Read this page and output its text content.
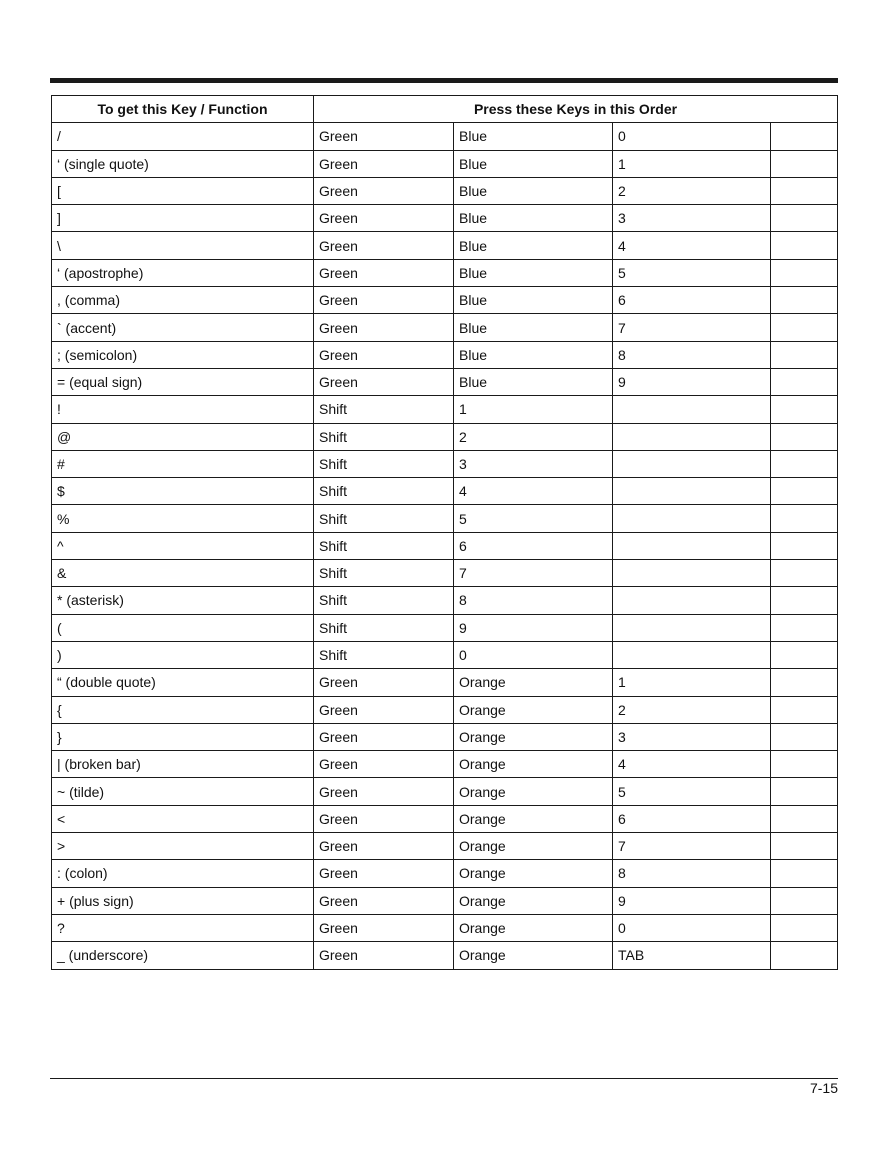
To get this Key / Function	Press these Keys in this Order			
/	Green	Blue	0	
‘ (single quote)	Green	Blue	1	
[	Green	Blue	2	
]	Green	Blue	3	
\	Green	Blue	4	
‘ (apostrophe)	Green	Blue	5	
, (comma)	Green	Blue	6	
` (accent)	Green	Blue	7	
; (semicolon)	Green	Blue	8	
= (equal sign)	Green	Blue	9	
!	Shift	1		
@	Shift	2		
#	Shift	3		
$	Shift	4		
%	Shift	5		
^	Shift	6		
&	Shift	7		
* (asterisk)	Shift	8		
(	Shift	9		
)	Shift	0		
“ (double quote)	Green	Orange	1	
{	Green	Orange	2	
}	Green	Orange	3	
| (broken bar)	Green	Orange	4	
~ (tilde)	Green	Orange	5	
<	Green	Orange	6	
>	Green	Orange	7	
: (colon)	Green	Orange	8	
+ (plus sign)	Green	Orange	9	
?	Green	Orange	0	
_ (underscore)	Green	Orange	TAB	
7-15
